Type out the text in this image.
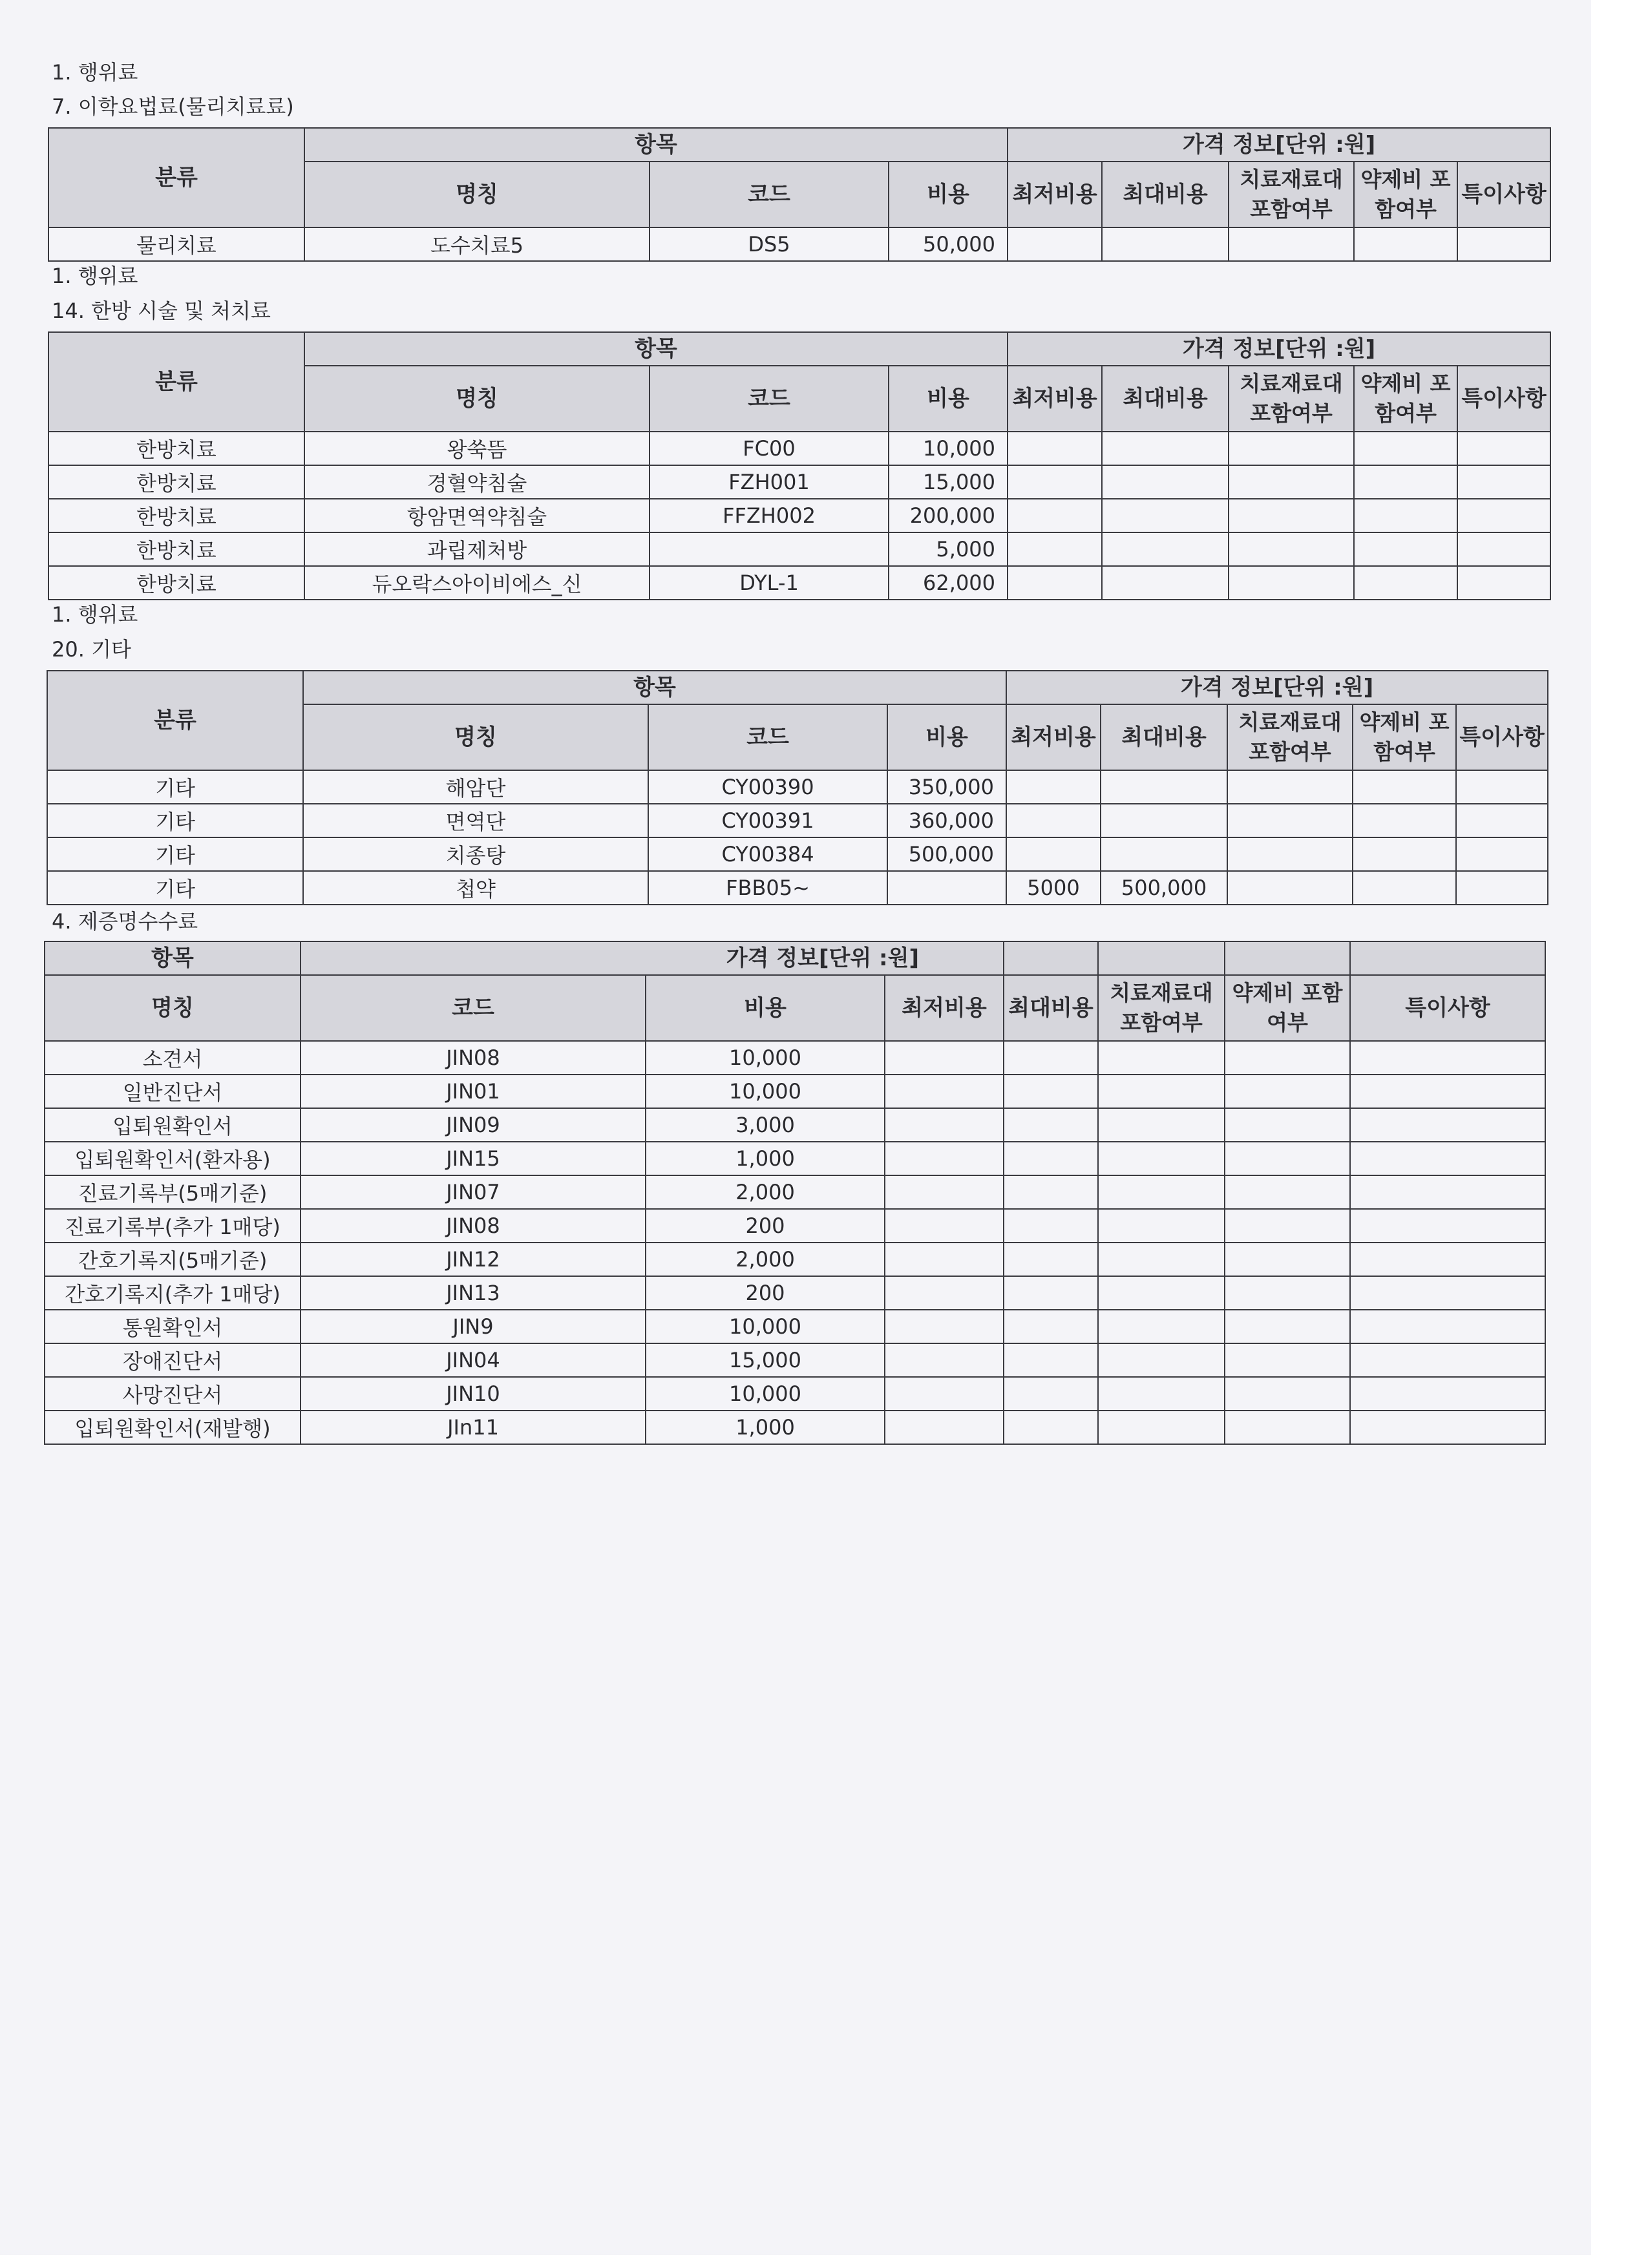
1. 행위료
7. 이학요법료(물리치료료)
분류	항목			가격 정보[단위 :원]				
	명칭	코드	비용	최저비용	최대비용	치료재료대 포함여부	약제비 포함여부	특이사항
물리치료	도수치료5	DS5	50,000					
1. 행위료
14. 한방 시술 및 처치료
분류	항목			가격 정보[단위 :원]				
	명칭	코드	비용	최저비용	최대비용	치료재료대 포함여부	약제비 포함여부	특이사항
한방치료	왕쑥뜸	FC00	10,000					
한방치료	경혈약침술	FZH001	15,000					
한방치료	항암면역약침술	FFZH002	200,000					
한방치료	과립제처방		5,000					
한방치료	듀오락스아이비에스_신	DYL-1	62,000					
1. 행위료
20. 기타
분류	항목			가격 정보[단위 :원]				
	명칭	코드	비용	최저비용	최대비용	치료재료대 포함여부	약제비 포함여부	특이사항
기타	해암단	CY00390	350,000					
기타	면역단	CY00391	360,000					
기타	치종탕	CY00384	500,000					
기타	첩약	FBB05~		5000	500,000			
4. 제증명수수료
항목	가격 정보[단위 :원]						
명칭	코드	비용	최저비용	최대비용	치료재료대 포함여부	약제비 포함여부	특이사항
소견서	JIN08	10,000					
일반진단서	JIN01	10,000					
입퇴원확인서	JIN09	3,000					
입퇴원확인서(환자용)	JIN15	1,000					
진료기록부(5매기준)	JIN07	2,000					
진료기록부(추가 1매당)	JIN08	200					
간호기록지(5매기준)	JIN12	2,000					
간호기록지(추가 1매당)	JIN13	200					
통원확인서	JIN9	10,000					
장애진단서	JIN04	15,000					
사망진단서	JIN10	10,000					
입퇴원확인서(재발행)	JIn11	1,000					
